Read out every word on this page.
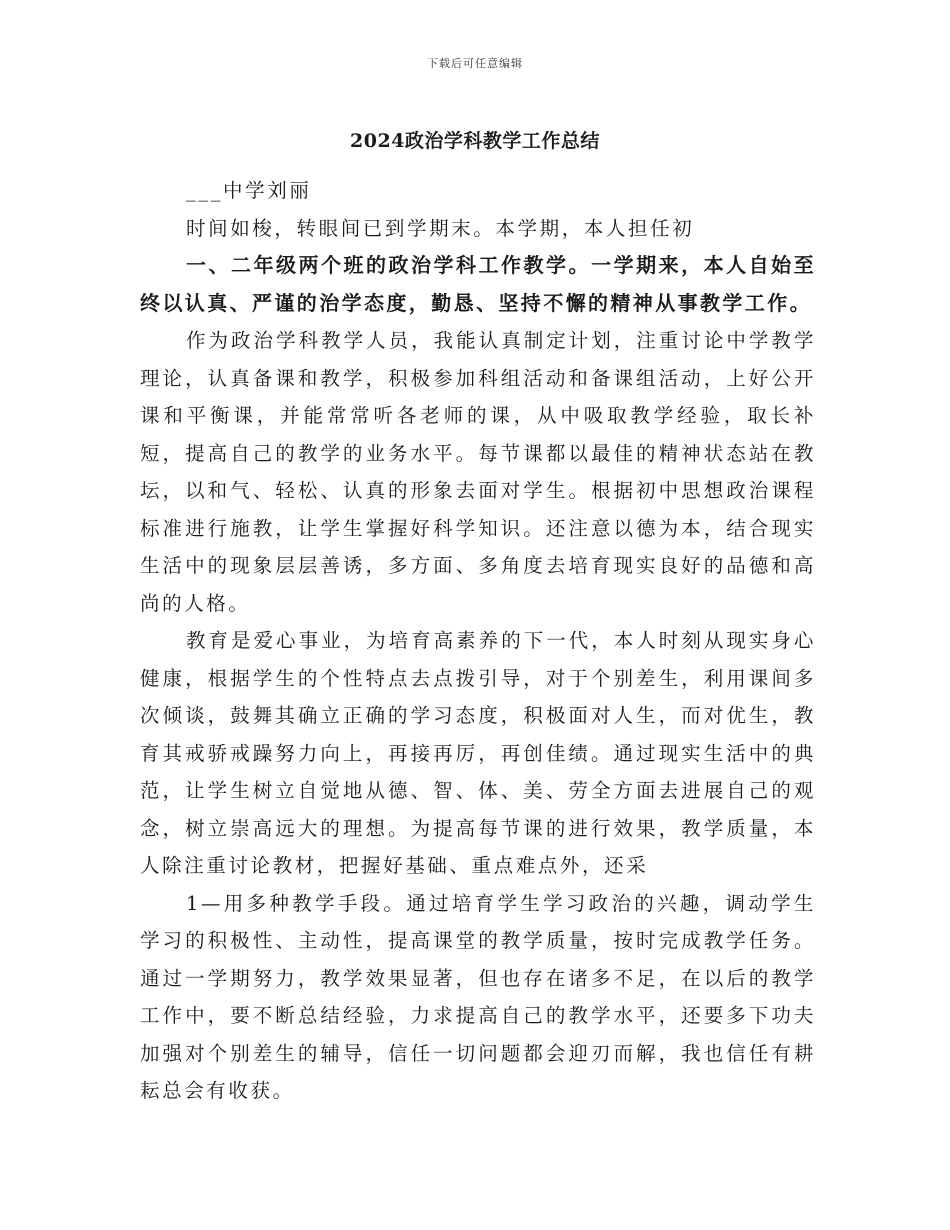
下载后可任意编辑
2024政治学科教学工作总结

___中学刘丽

时间如梭，转眼间已到学期末。本学期，本人担任初

一、二年级两个班的政治学科工作教学。一学期来，本人自始至终以认真、严谨的治学态度，勤恳、坚持不懈的精神从事教学工作。

作为政治学科教学人员，我能认真制定计划，注重讨论中学教学理论，认真备课和教学，积极参加科组活动和备课组活动，上好公开课和平衡课，并能常常听各老师的课，从中吸取教学经验，取长补短，提高自己的教学的业务水平。每节课都以最佳的精神状态站在教坛，以和气、轻松、认真的形象去面对学生。根据初中思想政治课程标准进行施教，让学生掌握好科学知识。还注意以德为本，结合现实生活中的现象层层善诱，多方面、多角度去培育现实良好的品德和高尚的人格。

教育是爱心事业，为培育高素养的下一代，本人时刻从现实身心健康，根据学生的个性特点去点拨引导，对于个别差生，利用课间多次倾谈，鼓舞其确立正确的学习态度，积极面对人生，而对优生，教育其戒骄戒躁努力向上，再接再厉，再创佳绩。通过现实生活中的典范，让学生树立自觉地从德、智、体、美、劳全方面去进展自己的观念，树立崇高远大的理想。为提高每节课的进行效果，教学质量，本人除注重讨论教材，把握好基础、重点难点外，还采

1—用多种教学手段。通过培育学生学习政治的兴趣，调动学生学习的积极性、主动性，提高课堂的教学质量，按时完成教学任务。通过一学期努力，教学效果显著，但也存在诸多不足，在以后的教学工作中，要不断总结经验，力求提高自己的教学水平，还要多下功夫加强对个别差生的辅导，信任一切问题都会迎刃而解，我也信任有耕耘总会有收获。
